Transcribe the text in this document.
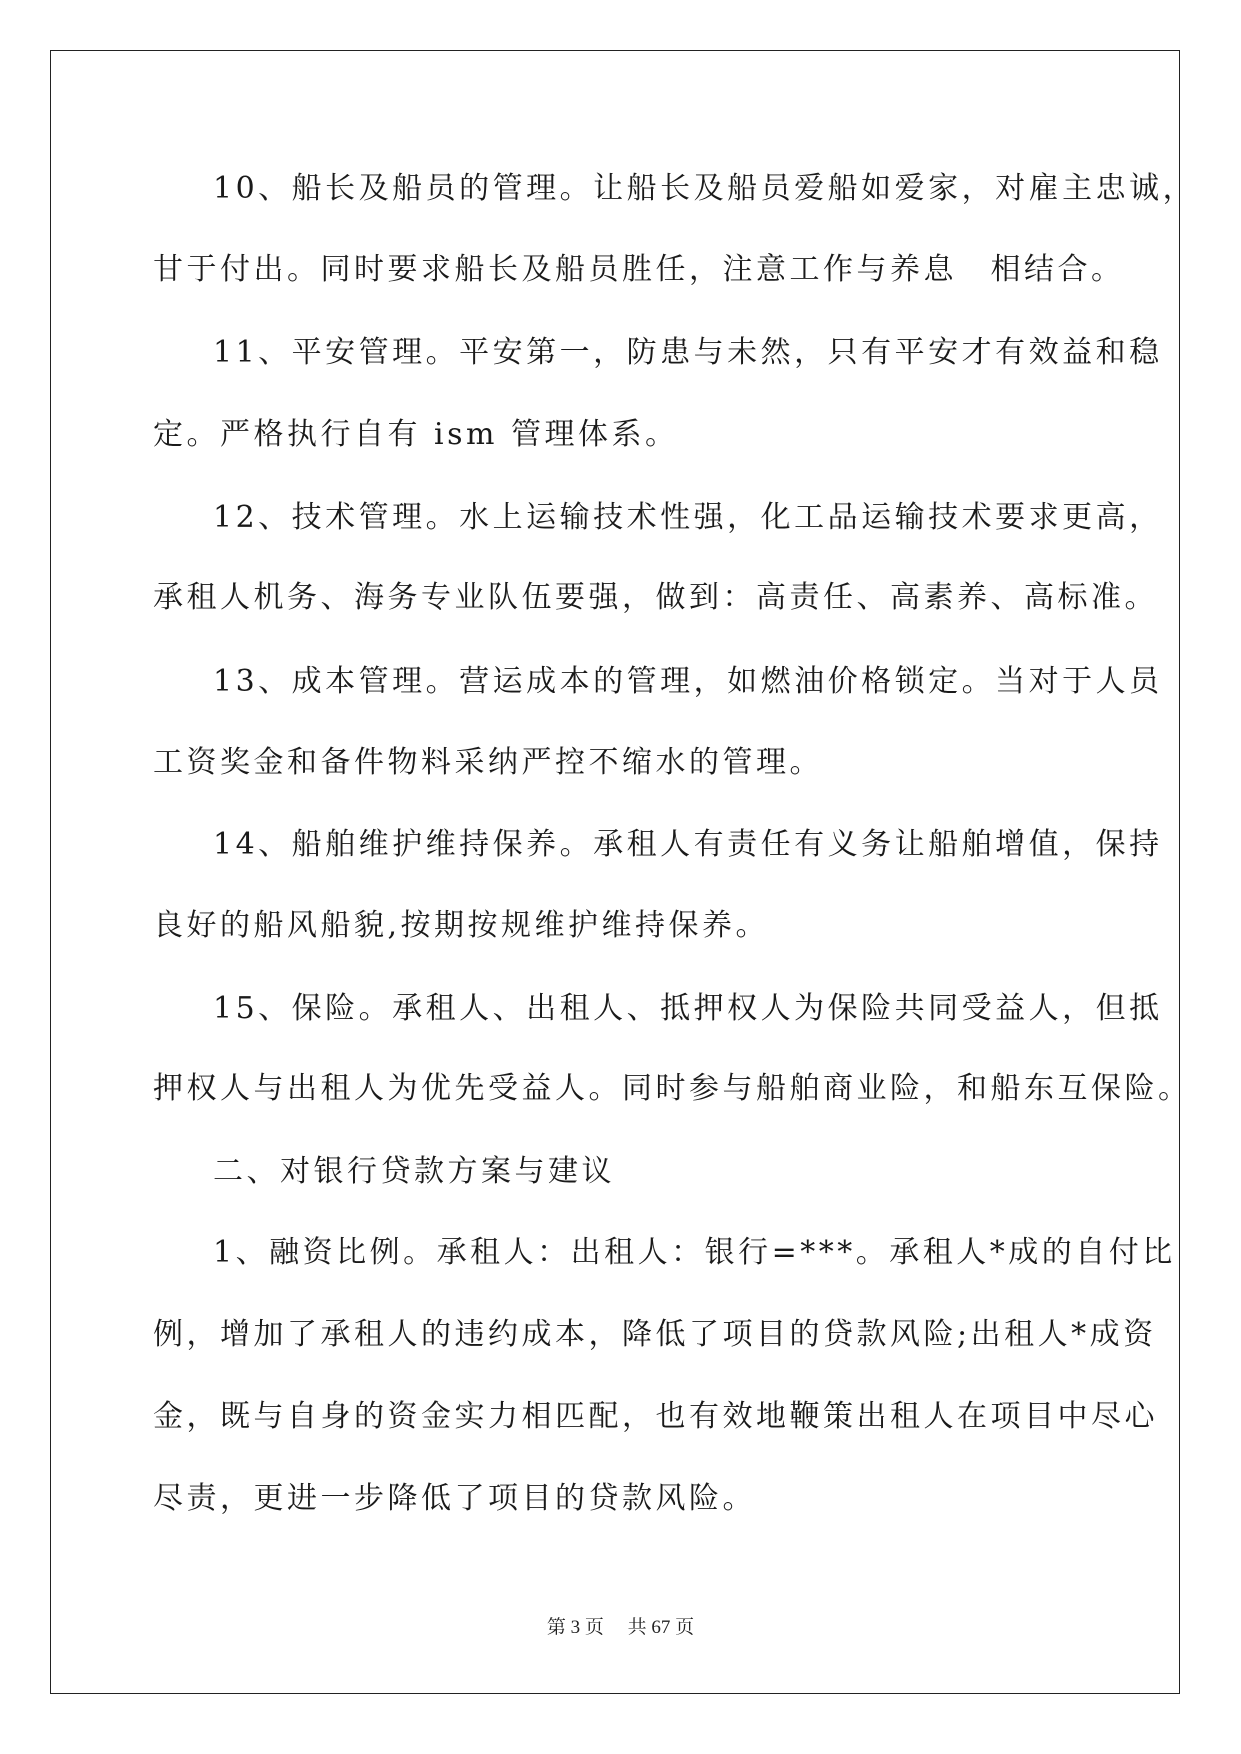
10、船长及船员的管理。让船长及船员爱船如爱家，对雇主忠诚，
甘于付出。同时要求船长及船员胜任，注意工作与养息　相结合。
11、平安管理。平安第一，防患与未然，只有平安才有效益和稳
定。严格执行自有 ism 管理体系。
12、技术管理。水上运输技术性强，化工品运输技术要求更高，
承租人机务、海务专业队伍要强，做到：高责任、高素养、高标准。
13、成本管理。营运成本的管理，如燃油价格锁定。当对于人员
工资奖金和备件物料采纳严控不缩水的管理。
14、船舶维护维持保养。承租人有责任有义务让船舶增值，保持
良好的船风船貌,按期按规维护维持保养。
15、保险。承租人、出租人、抵押权人为保险共同受益人，但抵
押权人与出租人为优先受益人。同时参与船舶商业险，和船东互保险。
二、对银行贷款方案与建议
1、融资比例。承租人：出租人：银行=***。承租人*成的自付比
例，增加了承租人的违约成本，降低了项目的贷款风险;出租人*成资
金，既与自身的资金实力相匹配，也有效地鞭策出租人在项目中尽心
尽责，更进一步降低了项目的贷款风险。
第 3 页　 共 67 页
